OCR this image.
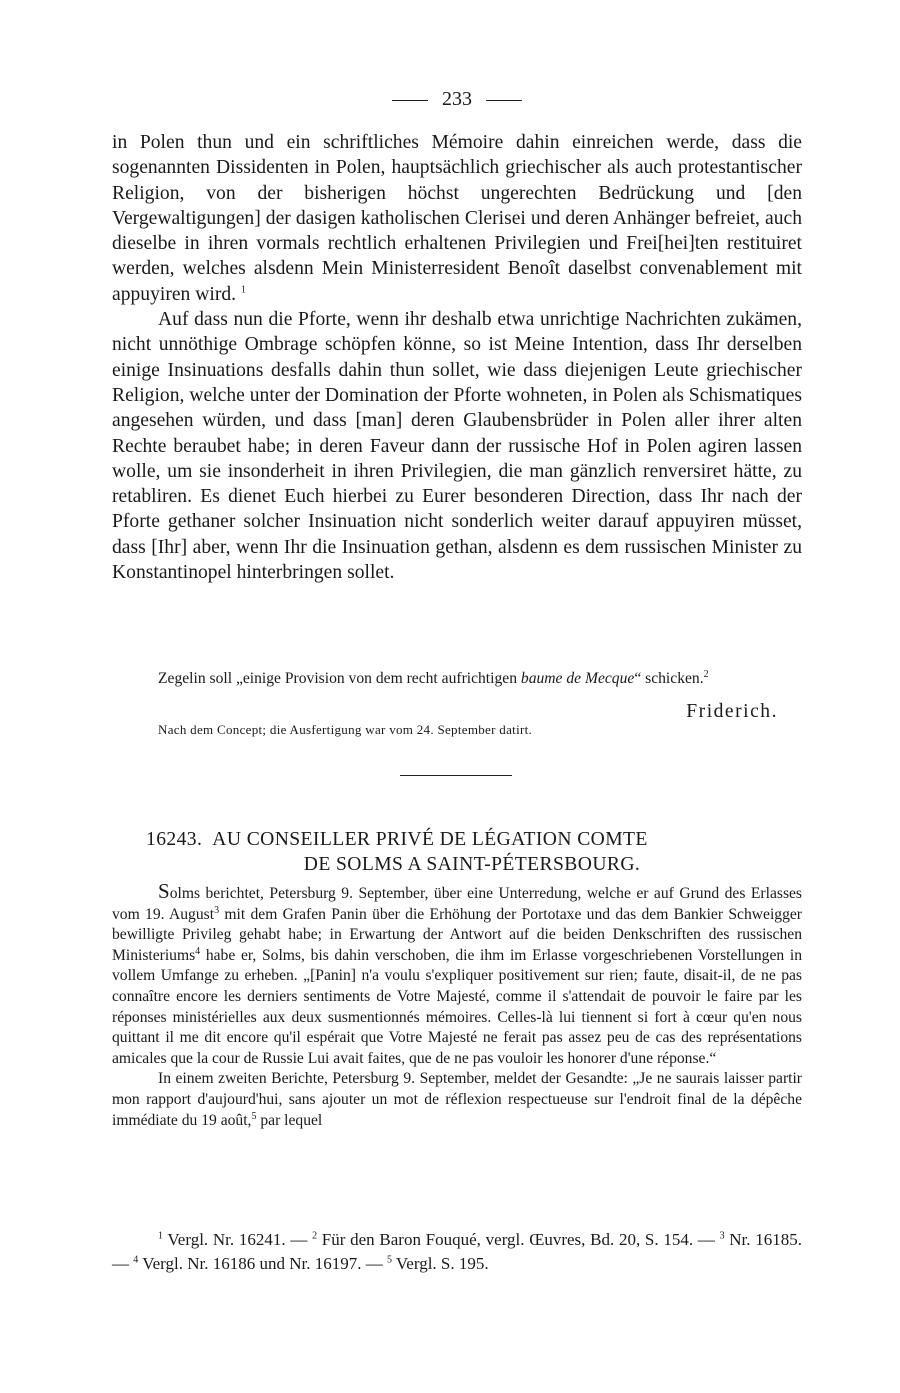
233

in Polen thun und ein schriftliches Mémoire dahin einreichen werde, dass die sogenannten Dissidenten in Polen, hauptsächlich griechischer als auch protestantischer Religion, von der bisherigen höchst ungerechten Bedrückung und [den Vergewaltigungen] der dasigen katholischen Clerisei und deren Anhänger befreiet, auch dieselbe in ihren vormals rechtlich erhaltenen Privilegien und Frei[hei]ten restituiret werden, welches alsdenn Mein Ministerresident Benoît daselbst convenablement mit appuyiren wird. $^1$

Auf dass nun die Pforte, wenn ihr deshalb etwa unrichtige Nachrichten zukämen, nicht unnöthige Ombrage schöpfen könne, so ist Meine Intention, dass Ihr derselben einige Insinuations desfalls dahin thun sollet, wie dass diejenigen Leute griechischer Religion, welche unter der Domination der Pforte wohneten, in Polen als Schismatiques angesehen würden, und dass [man] deren Glaubensbrüder in Polen aller ihrer alten Rechte beraubet habe; in deren Faveur dann der russische Hof in Polen agiren lassen wolle, um sie insonderheit in ihren Privilegien, die man gänzlich renversiret hätte, zu retabliren. Es dienet Euch hierbei zu Eurer besonderen Direction, dass Ihr nach der Pforte gethaner solcher Insinuation nicht sonderlich weiter darauf appuyiren müsset, dass [Ihr] aber, wenn Ihr die Insinuation gethan, alsdenn es dem russischen Minister zu Konstantinopel hinterbringen sollet.

Zegelin soll „einige Provision von dem recht aufrichtigen baume de Mecque“ schicken.$^2$

Friderich.
Nach dem Concept; die Ausfertigung war vom 24. September datirt.
16243. AU CONSEILLER PRIVÉ DE LÉGATION COMTE
DE SOLMS A SAINT-PÉTERSBOURG.

Solms berichtet, Petersburg 9. September, über eine Unterredung, welche er auf Grund des Erlasses vom 19. August$^3$ mit dem Grafen Panin über die Erhöhung der Portotaxe und das dem Bankier Schweigger bewilligte Privileg gehabt habe; in Erwartung der Antwort auf die beiden Denkschriften des russischen Ministeriums$^4$ habe er, Solms, bis dahin verschoben, die ihm im Erlasse vorgeschriebenen Vorstellungen in vollem Umfange zu erheben. „[Panin] n'a voulu s'expliquer positivement sur rien; faute, disait-il, de ne pas connaître encore les derniers sentiments de Votre Majesté, comme il s'attendait de pouvoir le faire par les réponses ministérielles aux deux susmentionnés mémoires. Celles-là lui tiennent si fort à cœur qu'en nous quittant il me dit encore qu'il espérait que Votre Majesté ne ferait pas assez peu de cas des représentations amicales que la cour de Russie Lui avait faites, que de ne pas vouloir les honorer d'une réponse.“

In einem zweiten Berichte, Petersburg 9. September, meldet der Gesandte: „Je ne saurais laisser partir mon rapport d'aujourd'hui, sans ajouter un mot de réflexion respectueuse sur l'endroit final de la dépêche immédiate du 19 août,$^5$ par lequel

$^1$ Vergl. Nr. 16241. — $^2$ Für den Baron Fouqué, vergl. Œuvres, Bd. 20, S. 154. — $^3$ Nr. 16185. — $^4$ Vergl. Nr. 16186 und Nr. 16197. — $^5$ Vergl. S. 195.
